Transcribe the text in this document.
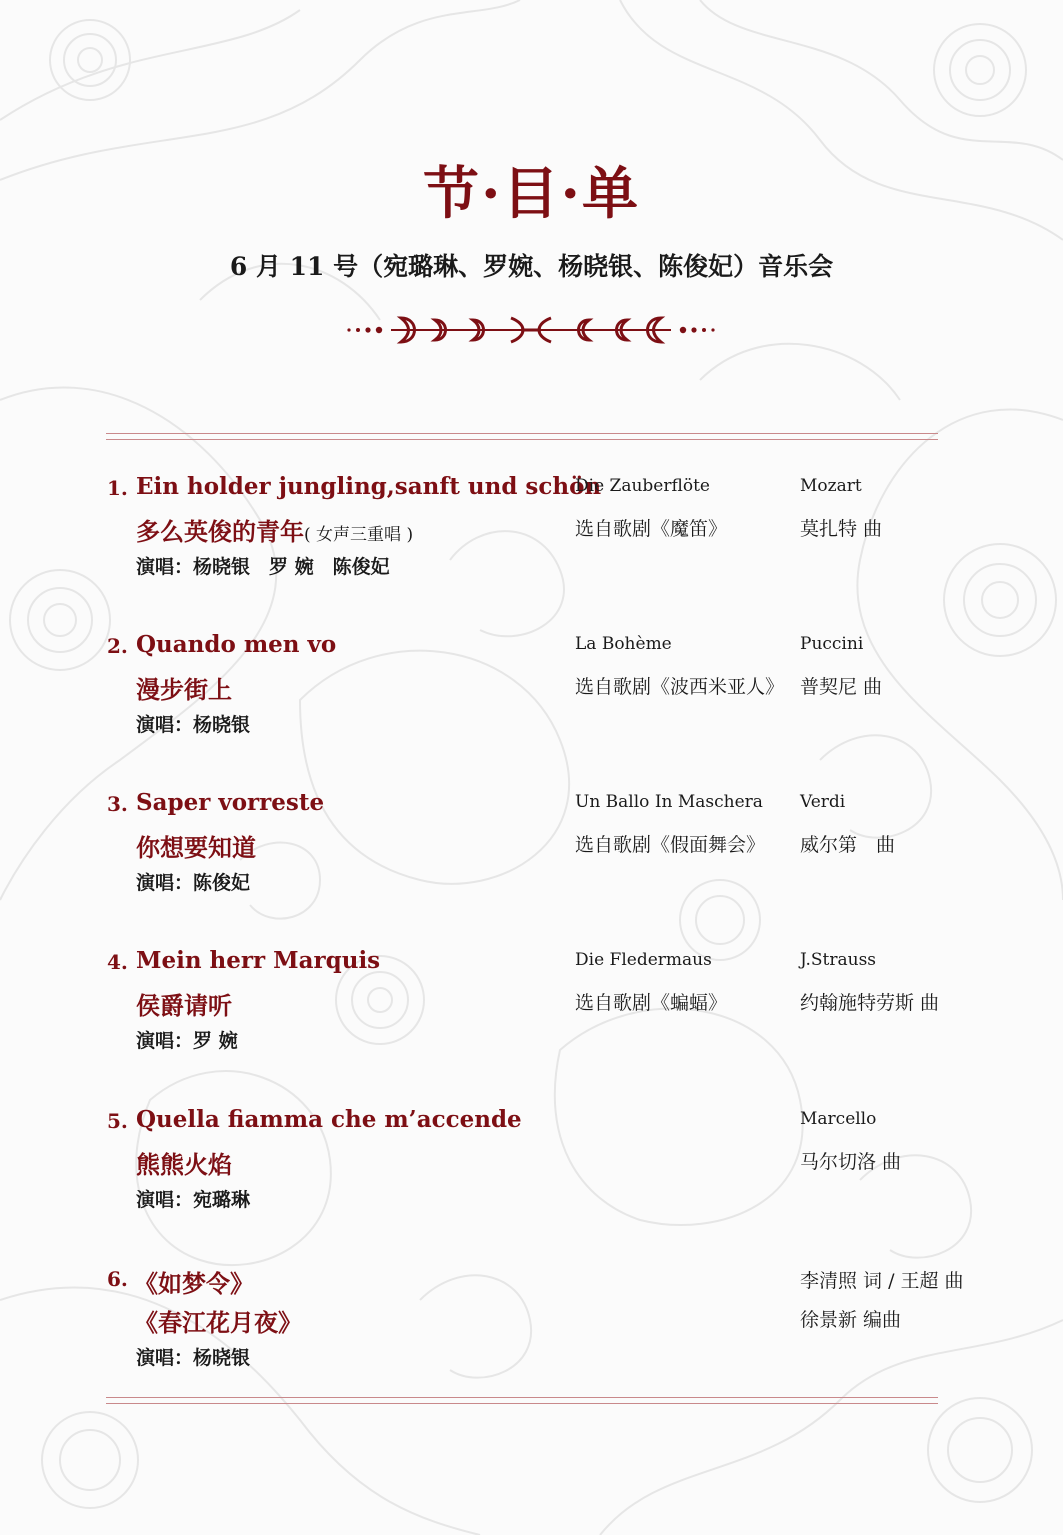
节·目·单
6 月 11 号（宛璐琳、罗婉、杨晓银、陈俊妃）音乐会
1. Ein holder jungling,sanft und schön
多么英俊的青年( 女声三重唱 )
演唱：杨晓银　罗 婉　陈俊妃
Die Zauberflöte
选自歌剧《魔笛》
Mozart
莫扎特 曲
2. Quando men vo
漫步街上
演唱：杨晓银
La Bohème
选自歌剧《波西米亚人》
Puccini
普契尼 曲
3. Saper vorreste
你想要知道
演唱：陈俊妃
Un Ballo In Maschera
选自歌剧《假面舞会》
Verdi
威尔第　曲
4. Mein herr Marquis
侯爵请听
演唱：罗 婉
Die Fledermaus
选自歌剧《蝙蝠》
J.Strauss
约翰施特劳斯 曲
5. Quella fiamma che m’accende
熊熊火焰
演唱：宛璐琳
Marcello
马尔切洛 曲
6. 《如梦令》
《春江花月夜》
演唱：杨晓银
李清照 词 / 王超 曲
徐景新 编曲
